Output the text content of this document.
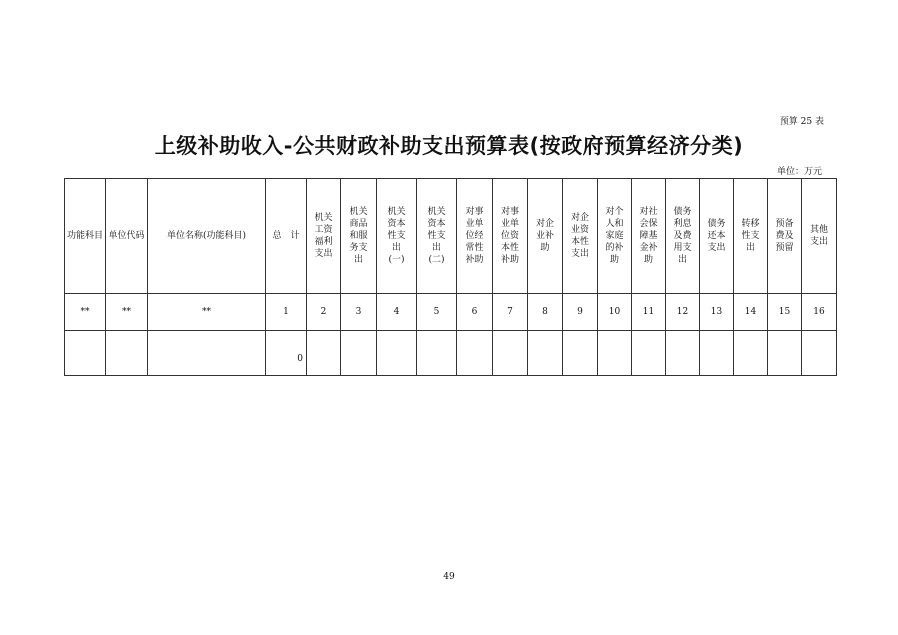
预算 25 表
上级补助收入-公共财政补助支出预算表(按政府预算经济分类)
单位：万元
功能科目	单位代码	单位名称(功能科目)	总　计	机关工资福利支出	机关商品和服务支出	机关资本性支出(一)	机关资本性支出(二)	对事业单位经常性补助	对事业单位资本性补助	对企业补助	对企业资本性支出	对个人和家庭的补助	对社会保障基金补助	债务利息及费用支出	债务还本支出	转移性支出	预备费及预留	其他支出
**	**	**	1	2	3	4	5	6	7	8	9	10	11	12	13	14	15	16
			0															
49
